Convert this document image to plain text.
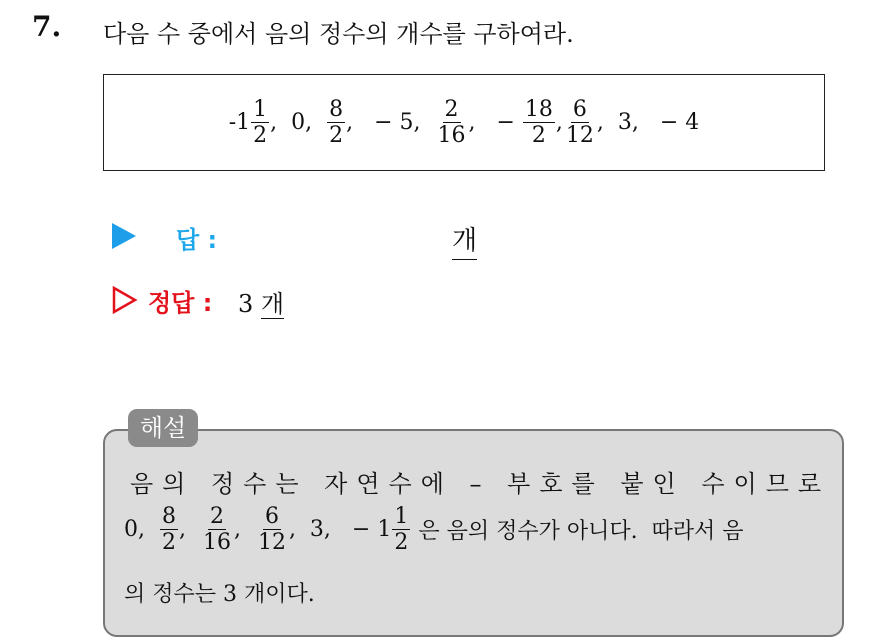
7. 다음 수 중에서 음의 정수의 개수를 구하여라.
$-1 \frac{1}{2}$ ,  0, $\frac{8}{2}$ ,   − 5, $\frac{2}{16}$ ,   − $\frac{18}{2}$ , $\frac{6}{12}$ ,  3,   − 4
답 :	개
정답 : 3 개
해설
음의 정수는 자연수에 – 부호를 붙인 수이므로
0, $\frac{8}{2}$ , $\frac{2}{16}$ , $\frac{6}{12}$ ,  3,   − $1 \frac{1}{2}$ 은 음의 정수가 아니다.  따라서 음
의 정수는 3 개이다.
